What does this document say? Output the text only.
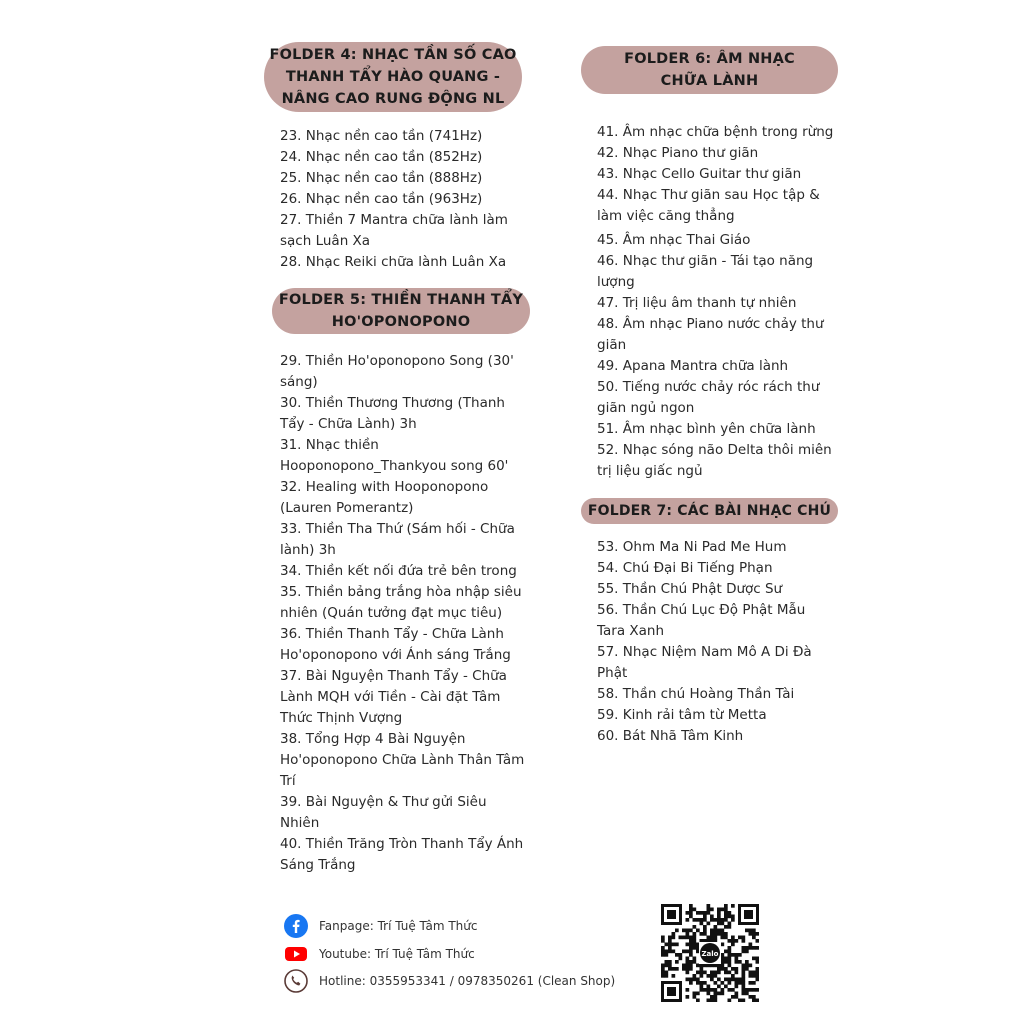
FOLDER 4: NHẠC TẦN SỐ CAO
THANH TẨY HÀO QUANG -
NÂNG CAO RUNG ĐỘNG NL
23. Nhạc nền cao tần (741Hz)
24. Nhạc nền cao tần (852Hz)
25. Nhạc nền cao tần (888Hz)
26. Nhạc nền cao tần (963Hz)
27. Thiền 7 Mantra chữa lành làm sạch Luân Xa
28. Nhạc Reiki chữa lành Luân Xa
FOLDER 5: THIỀN THANH TẨY
HO'OPONOPONO
29. Thiền Ho'oponopono Song (30' sáng)
30. Thiền Thương Thương (Thanh Tẩy - Chữa Lành) 3h
31. Nhạc thiền Hooponopono_Thankyou song 60'
32. Healing with Hooponopono (Lauren Pomerantz)
33. Thiền Tha Thứ (Sám hối - Chữa lành) 3h
34. Thiền kết nối đứa trẻ bên trong
35. Thiền bảng trắng hòa nhập siêu nhiên (Quán tưởng đạt mục tiêu)
36. Thiền Thanh Tẩy - Chữa Lành Ho'oponopono với Ánh sáng Trắng
37. Bài Nguyện Thanh Tẩy - Chữa Lành MQH với Tiền - Cài đặt Tâm Thức Thịnh Vượng
38. Tổng Hợp 4 Bài Nguyện Ho'oponopono Chữa Lành Thân Tâm Trí
39. Bài Nguyện & Thư gửi Siêu Nhiên
40. Thiền Trăng Tròn Thanh Tẩy Ánh Sáng Trắng
FOLDER 6: ÂM NHẠC
CHỮA LÀNH
41. Âm nhạc chữa bệnh trong rừng
42. Nhạc Piano thư giãn
43. Nhạc Cello Guitar thư giãn
44. Nhạc Thư giãn sau Học tập & làm việc căng thẳng
45. Âm nhạc Thai Giáo
46. Nhạc thư giãn - Tái tạo năng lượng
47. Trị liệu âm thanh tự nhiên
48. Âm nhạc Piano nước chảy thư giãn
49. Apana Mantra chữa lành
50. Tiếng nước chảy róc rách thư giãn ngủ ngon
51. Âm nhạc bình yên chữa lành
52. Nhạc sóng não Delta thôi miên trị liệu giấc ngủ
FOLDER 7: CÁC BÀI NHẠC CHÚ
53. Ohm Ma Ni Pad Me Hum
54. Chú Đại Bi Tiếng Phạn
55. Thần Chú Phật Dược Sư
56. Thần Chú Lục Độ Phật Mẫu Tara Xanh
57. Nhạc Niệm Nam Mô A Di Đà Phật
58. Thần chú Hoàng Thần Tài
59. Kinh rải tâm từ Metta
60. Bát Nhã Tâm Kinh
Fanpage: Trí Tuệ Tâm Thức
Youtube: Trí Tuệ Tâm Thức
Hotline: 0355953341 / 0978350261 (Clean Shop)
Zalo
